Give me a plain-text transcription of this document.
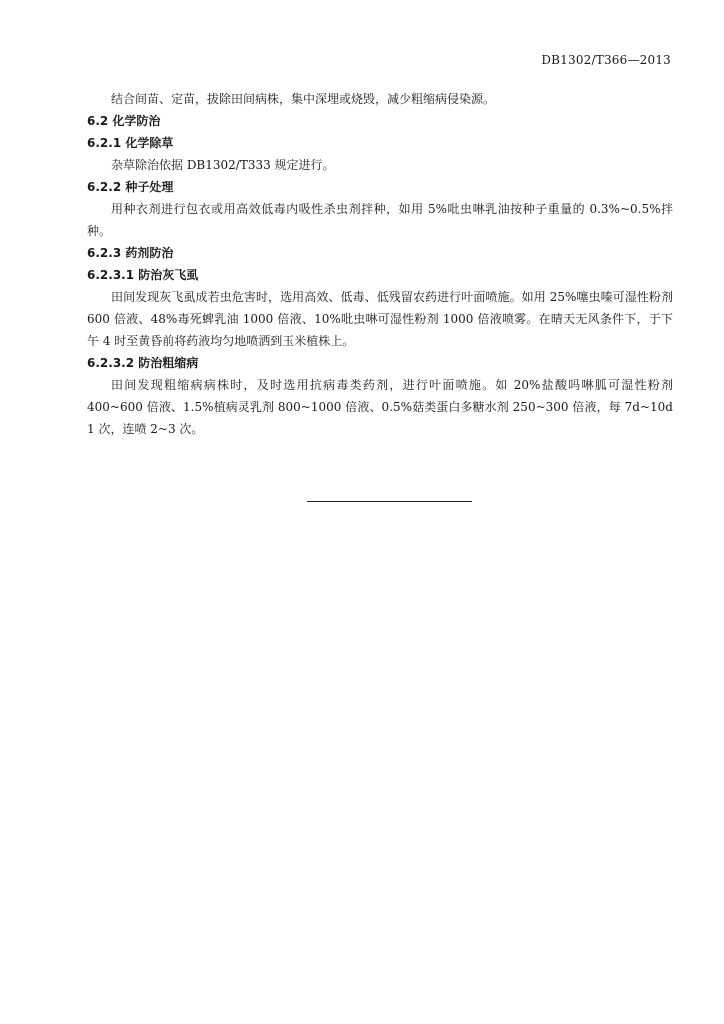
DB1302/T366—2013

结合间苗、定苗，拔除田间病株，集中深埋或烧毁，减少粗缩病侵染源。

6.2 化学防治

6.2.1 化学除草

杂草除治依据 DB1302/T333 规定进行。

6.2.2 种子处理

用种衣剂进行包衣或用高效低毒内吸性杀虫剂拌种，如用 5%吡虫啉乳油按种子重量的 0.3%~0.5%拌种。

6.2.3 药剂防治

6.2.3.1 防治灰飞虱

田间发现灰飞虱成若虫危害时，选用高效、低毒、低残留农药进行叶面喷施。如用 25%噻虫嗪可湿性粉剂 600 倍液、48%毒死蜱乳油 1000 倍液、10%吡虫啉可湿性粉剂 1000 倍液喷雾。在晴天无风条件下，于下午 4 时至黄昏前将药液均匀地喷洒到玉米植株上。

6.2.3.2 防治粗缩病

田间发现粗缩病病株时，及时选用抗病毒类药剂，进行叶面喷施。如 20%盐酸吗啉胍可湿性粉剂 400~600 倍液、1.5%植病灵乳剂 800~1000 倍液、0.5%菇类蛋白多糖水剂 250~300 倍液，每 7d~10d 1 次，连喷 2~3 次。
